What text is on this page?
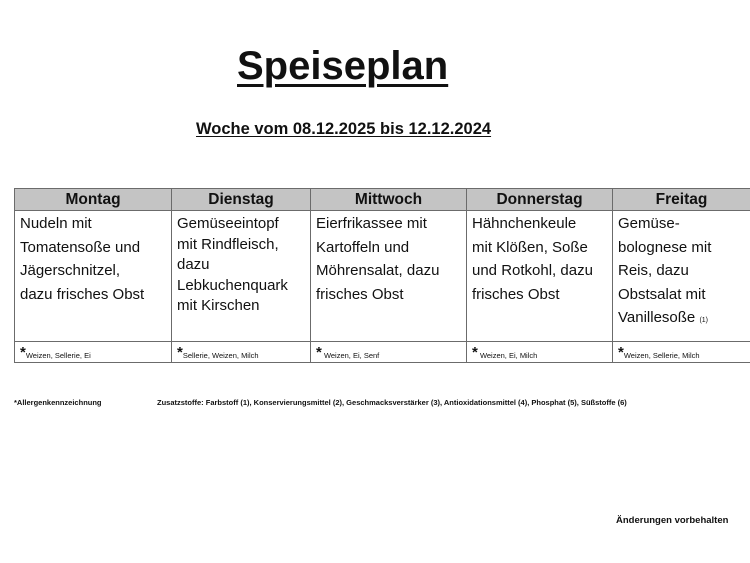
Speiseplan
Woche vom 08.12.2025 bis 12.12.2024
Montag	Dienstag	Mittwoch	Donnerstag	Freitag

Nudeln mit
Tomatensoße und
Jägerschnitzel,
dazu frisches Obst

Gemüseeintopf
mit Rindfleisch,
dazu
Lebkuchenquark
mit Kirschen

Eierfrikassee mit
Kartoffeln und
Möhrensalat, dazu
frisches Obst

Hähnchenkeule
mit Klößen, Soße
und Rotkohl, dazu
frisches Obst

Gemüse-
bolognese mit
Reis, dazu
Obstsalat mit
Vanillesoße (1)

*Weizen, Sellerie, Ei	*Sellerie, Weizen, Milch	* Weizen, Ei, Senf	* Weizen, Ei, Milch	*Weizen, Sellerie, Milch
*Allergenkennzeichnung	Zusatzstoffe: Farbstoff (1), Konservierungsmittel (2), Geschmacksverstärker (3), Antioxidationsmittel (4), Phosphat (5), Süßstoffe (6)
Änderungen vorbehalten
